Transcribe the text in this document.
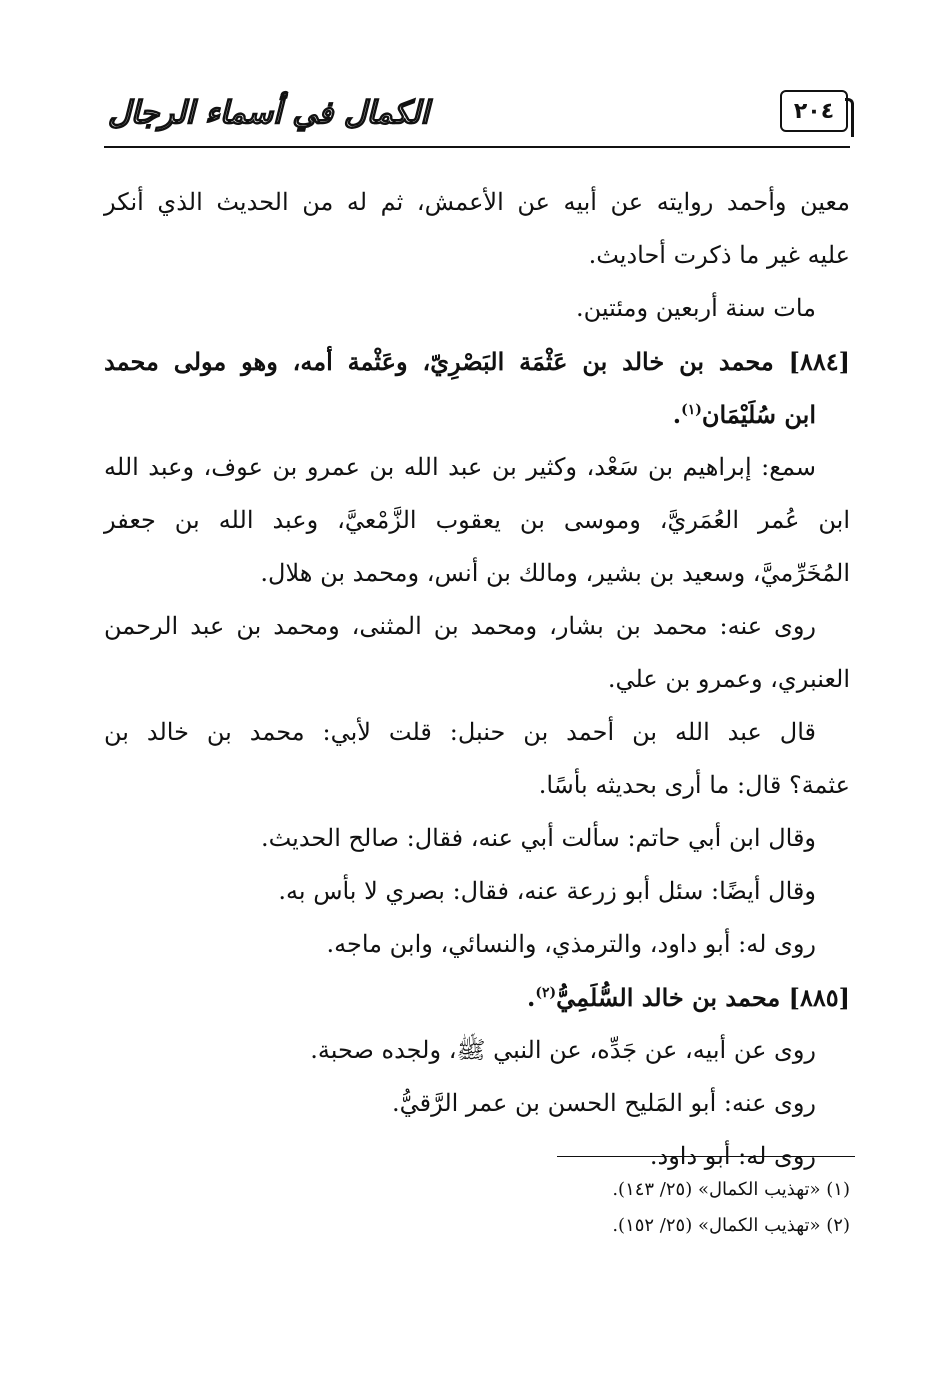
٢٠٤
الكمال في أسماء الرجال
معين وأحمد روايته عن أبيه عن الأعمش، ثم له من الحديث الذي أنكر
عليه غير ما ذكرت أحاديث.
مات سنة أربعين ومئتين.
[٨٨٤] محمد بن خالد بن عَثْمَة البَصْرِيّ، وعَثْمة أمه، وهو مولى محمد
ابن سُلَيْمَان$^{(١)}$.
سمع: إبراهيم بن سَعْد، وكثير بن عبد الله بن عمرو بن عوف، وعبد الله
ابن عُمر العُمَريَّ، وموسى بن يعقوب الزَّمْعيَّ، وعبد الله بن جعفر
المُخَرِّميَّ، وسعيد بن بشير، ومالك بن أنس، ومحمد بن هلال.
روى عنه: محمد بن بشار، ومحمد بن المثنى، ومحمد بن عبد الرحمن
العنبري، وعمرو بن علي.
قال عبد الله بن أحمد بن حنبل: قلت لأبي: محمد بن خالد بن
عثمة؟ قال: ما أرى بحديثه بأسًا.
وقال ابن أبي حاتم: سألت أبي عنه، فقال: صالح الحديث.
وقال أيضًا: سئل أبو زرعة عنه، فقال: بصري لا بأس به.
روى له: أبو داود، والترمذي، والنسائي، وابن ماجه.
[٨٨٥] محمد بن خالد السُّلَمِيُّ$^{(٢)}$.
روى عن أبيه، عن جَدِّه، عن النبي ﷺ، ولجده صحبة.
روى عنه: أبو المَليح الحسن بن عمر الرَّقيُّ.
روى له: أبو داود.
(١) «تهذيب الكمال» (٢٥/ ١٤٣).
(٢) «تهذيب الكمال» (٢٥/ ١٥٢).
